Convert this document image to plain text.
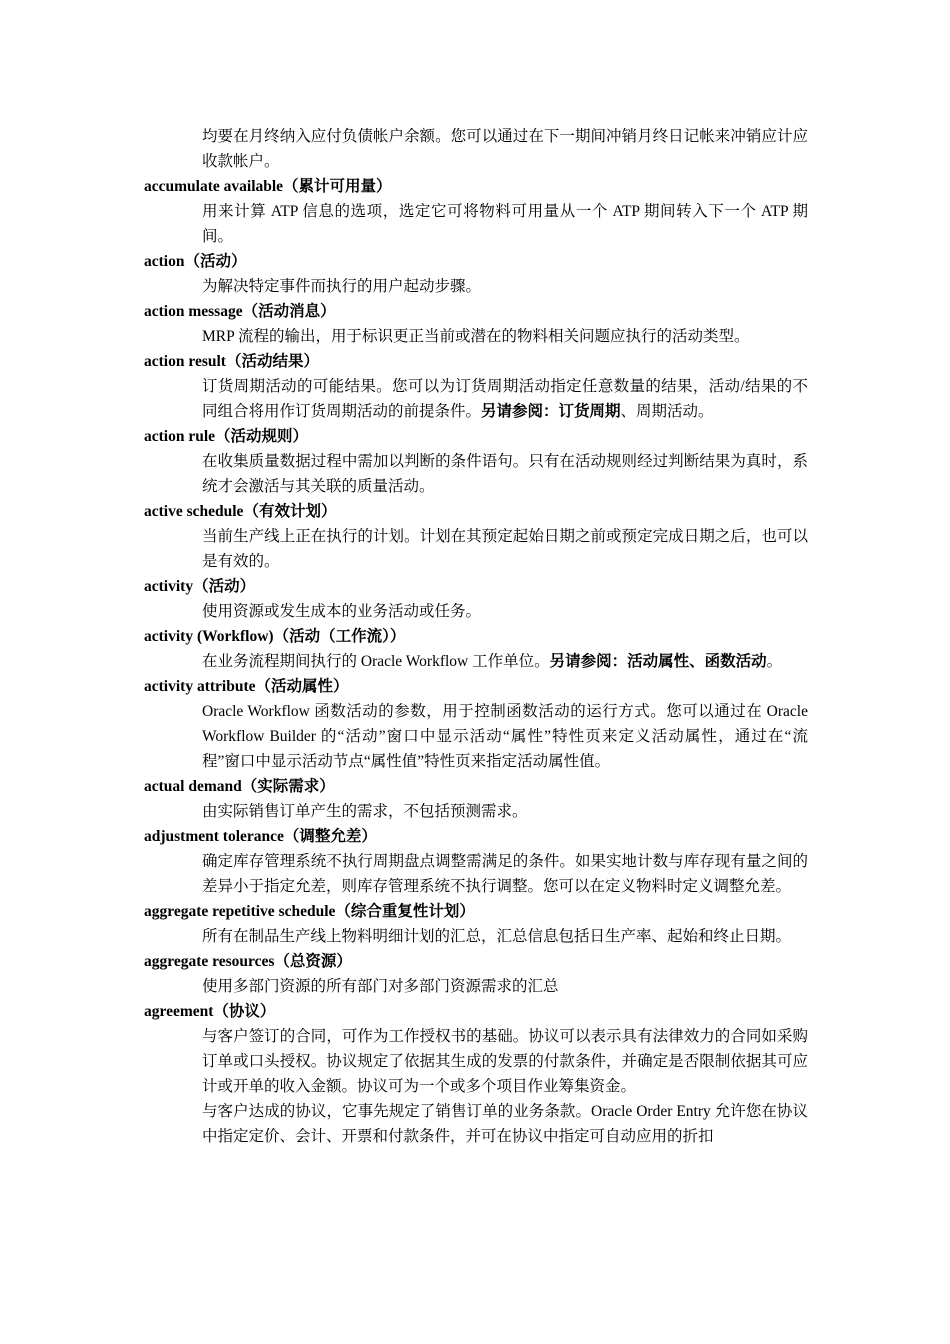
均要在月终纳入应付负债帐户余额。您可以通过在下一期间冲销月终日记帐来冲销应计应收款帐户。
accumulate available（累计可用量）
用来计算 ATP 信息的选项，选定它可将物料可用量从一个 ATP 期间转入下一个 ATP 期间。
action（活动）
为解决特定事件而执行的用户起动步骤。
action message（活动消息）
MRP 流程的输出，用于标识更正当前或潜在的物料相关问题应执行的活动类型。
action result（活动结果）
订货周期活动的可能结果。您可以为订货周期活动指定任意数量的结果，活动/结果的不同组合将用作订货周期活动的前提条件。另请参阅：订货周期、周期活动。
action rule（活动规则）
在收集质量数据过程中需加以判断的条件语句。只有在活动规则经过判断结果为真时，系统才会激活与其关联的质量活动。
active schedule（有效计划）
当前生产线上正在执行的计划。计划在其预定起始日期之前或预定完成日期之后，也可以是有效的。
activity（活动）
使用资源或发生成本的业务活动或任务。
activity (Workflow)（活动（工作流））
在业务流程期间执行的 Oracle Workflow 工作单位。另请参阅：活动属性、函数活动。
activity attribute（活动属性）
Oracle Workflow 函数活动的参数，用于控制函数活动的运行方式。您可以通过在 Oracle Workflow Builder 的“活动”窗口中显示活动“属性”特性页来定义活动属性，通过在“流程”窗口中显示活动节点“属性值”特性页来指定活动属性值。
actual demand（实际需求）
由实际销售订单产生的需求，不包括预测需求。
adjustment tolerance（调整允差）
确定库存管理系统不执行周期盘点调整需满足的条件。如果实地计数与库存现有量之间的差异小于指定允差，则库存管理系统不执行调整。您可以在定义物料时定义调整允差。
aggregate repetitive schedule（综合重复性计划）
所有在制品生产线上物料明细计划的汇总，汇总信息包括日生产率、起始和终止日期。
aggregate resources（总资源）
使用多部门资源的所有部门对多部门资源需求的汇总
agreement（协议）
与客户签订的合同，可作为工作授权书的基础。协议可以表示具有法律效力的合同如采购订单或口头授权。协议规定了依据其生成的发票的付款条件，并确定是否限制依据其可应计或开单的收入金额。协议可为一个或多个项目作业筹集资金。
与客户达成的协议，它事先规定了销售订单的业务条款。Oracle Order Entry 允许您在协议中指定定价、会计、开票和付款条件，并可在协议中指定可自动应用的折扣
